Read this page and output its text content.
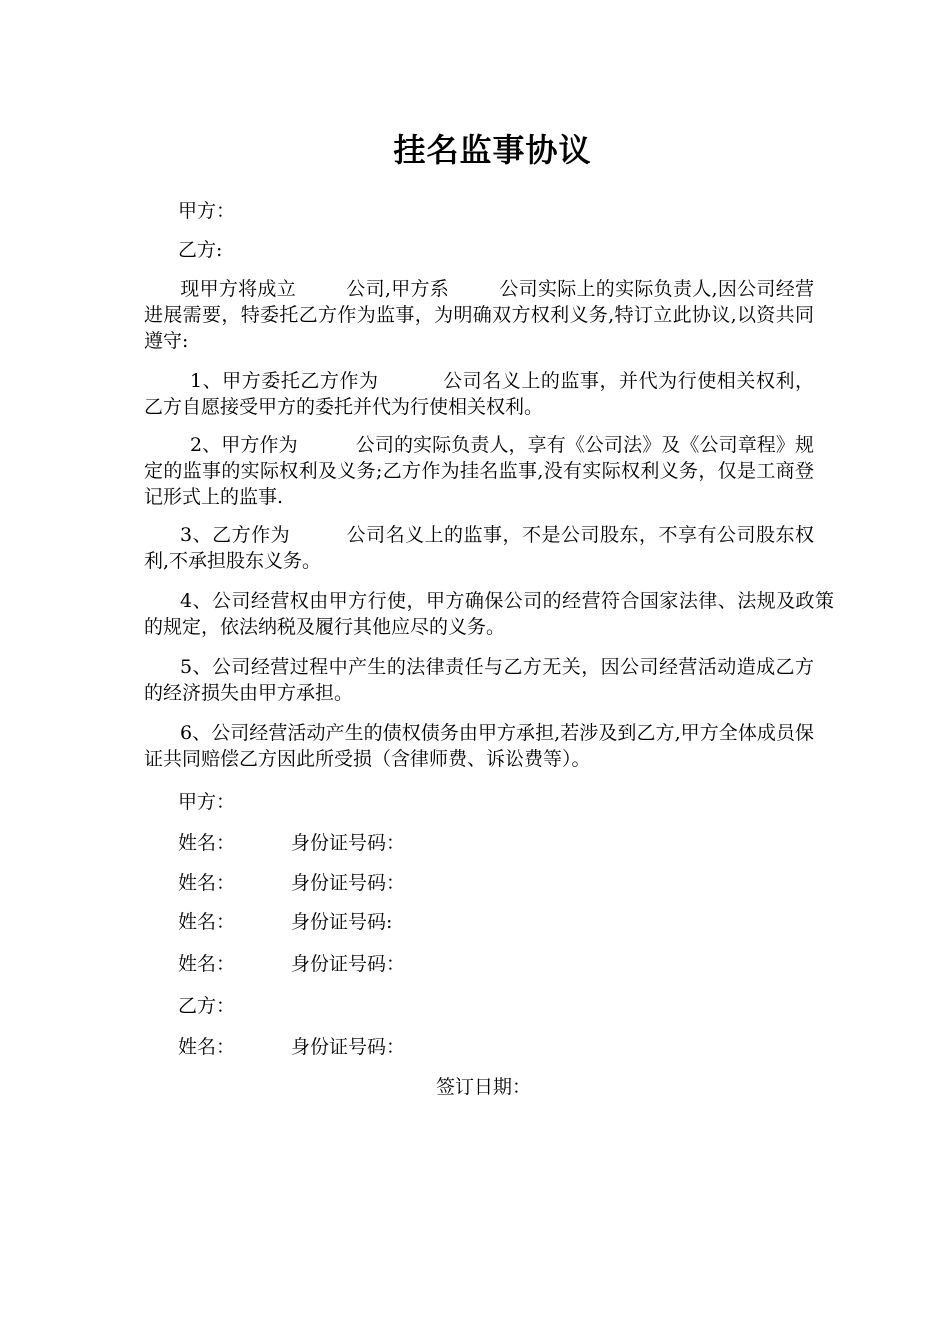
挂名监事协议
甲方：
乙方:
现甲方将成立	公司,甲方系	公司实际上的实际负责人,因公司经营进展需要，特委托乙方作为监事，为明确双方权利义务,特订立此协议,以资共同遵守:
1、甲方委托乙方作为	公司名义上的监事，并代为行使相关权利，乙方自愿接受甲方的委托并代为行使相关权利。
2、甲方作为	公司的实际负责人，享有《公司法》及《公司章程》规定的监事的实际权利及义务;乙方作为挂名监事,没有实际权利义务，仅是工商登记形式上的监事.
3、乙方作为	公司名义上的监事，不是公司股东，不享有公司股东权利,不承担股东义务。
4、公司经营权由甲方行使，甲方确保公司的经营符合国家法律、法规及政策的规定，依法纳税及履行其他应尽的义务。
5、公司经营过程中产生的法律责任与乙方无关，因公司经营活动造成乙方的经济损失由甲方承担。
6、公司经营活动产生的债权债务由甲方承担,若涉及到乙方,甲方全体成员保证共同赔偿乙方因此所受损（含律师费、诉讼费等）。
甲方：
姓名：	身份证号码：
姓名：	身份证号码：
姓名：	身份证号码:
姓名：	身份证号码：
乙方：
姓名：	身份证号码：
签订日期：
